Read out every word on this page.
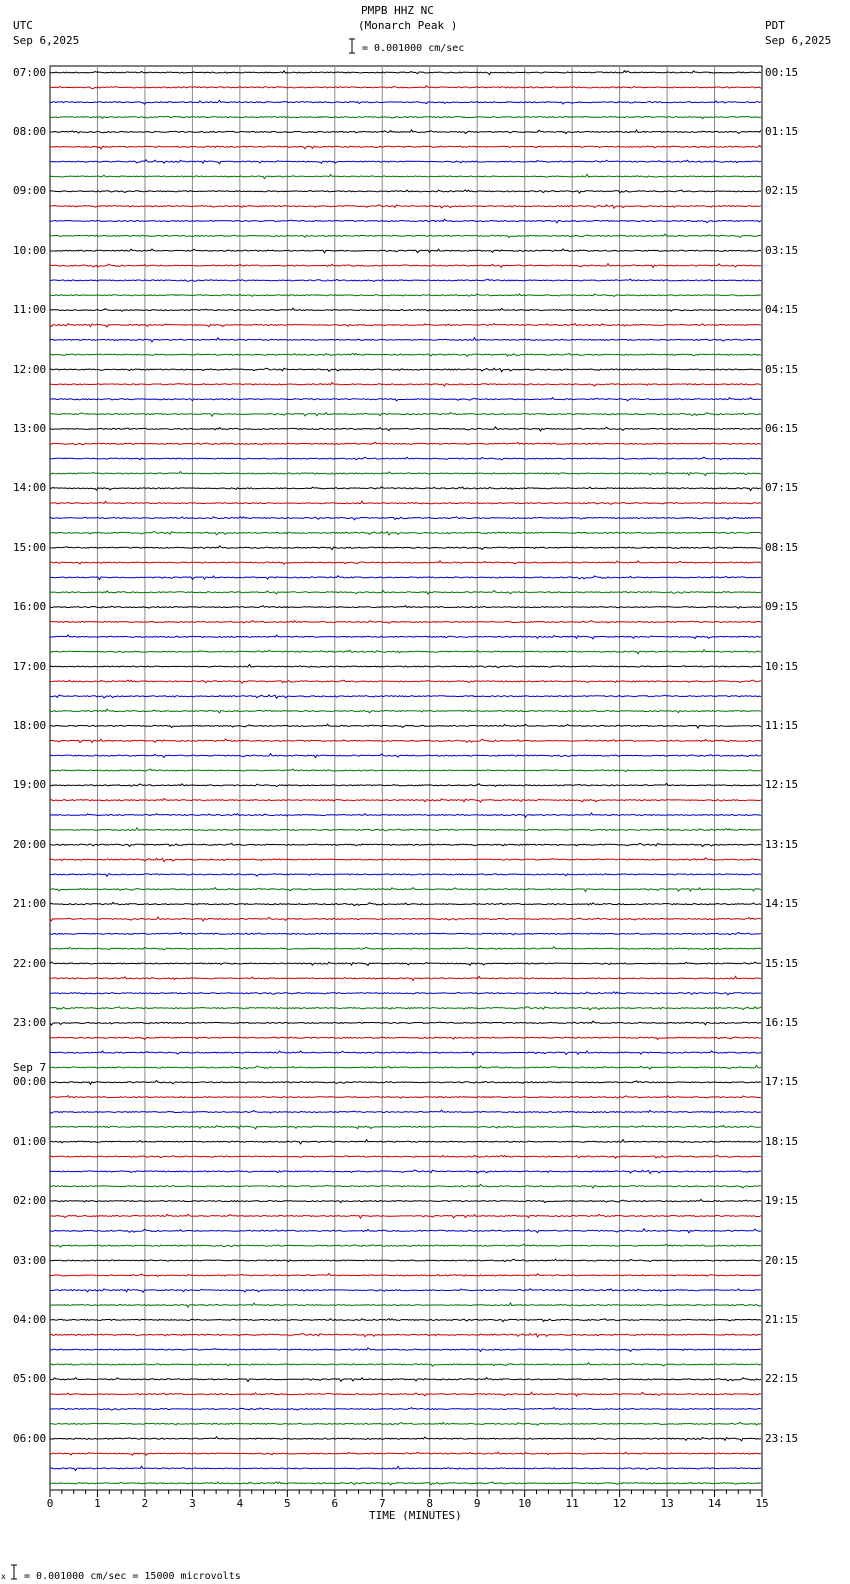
PMPB HHZ NC
(Monarch Peak )
UTC
Sep 6,2025
PDT
Sep 6,2025
= 0.001000 cm/sec
07:00
08:00
09:00
10:00
11:00
12:00
13:00
14:00
15:00
16:00
17:00
18:00
19:00
20:00
21:00
22:00
23:00
00:00
Sep 7
01:00
02:00
03:00
04:00
05:00
06:00
00:15
01:15
02:15
03:15
04:15
05:15
06:15
07:15
08:15
09:15
10:15
11:15
12:15
13:15
14:15
15:15
16:15
17:15
18:15
19:15
20:15
21:15
22:15
23:15
0	1	2	3	4	5	6	7	8	9	10	11	12	13	14	15
TIME (MINUTES)
x = 0.001000 cm/sec = 15000 microvolts
